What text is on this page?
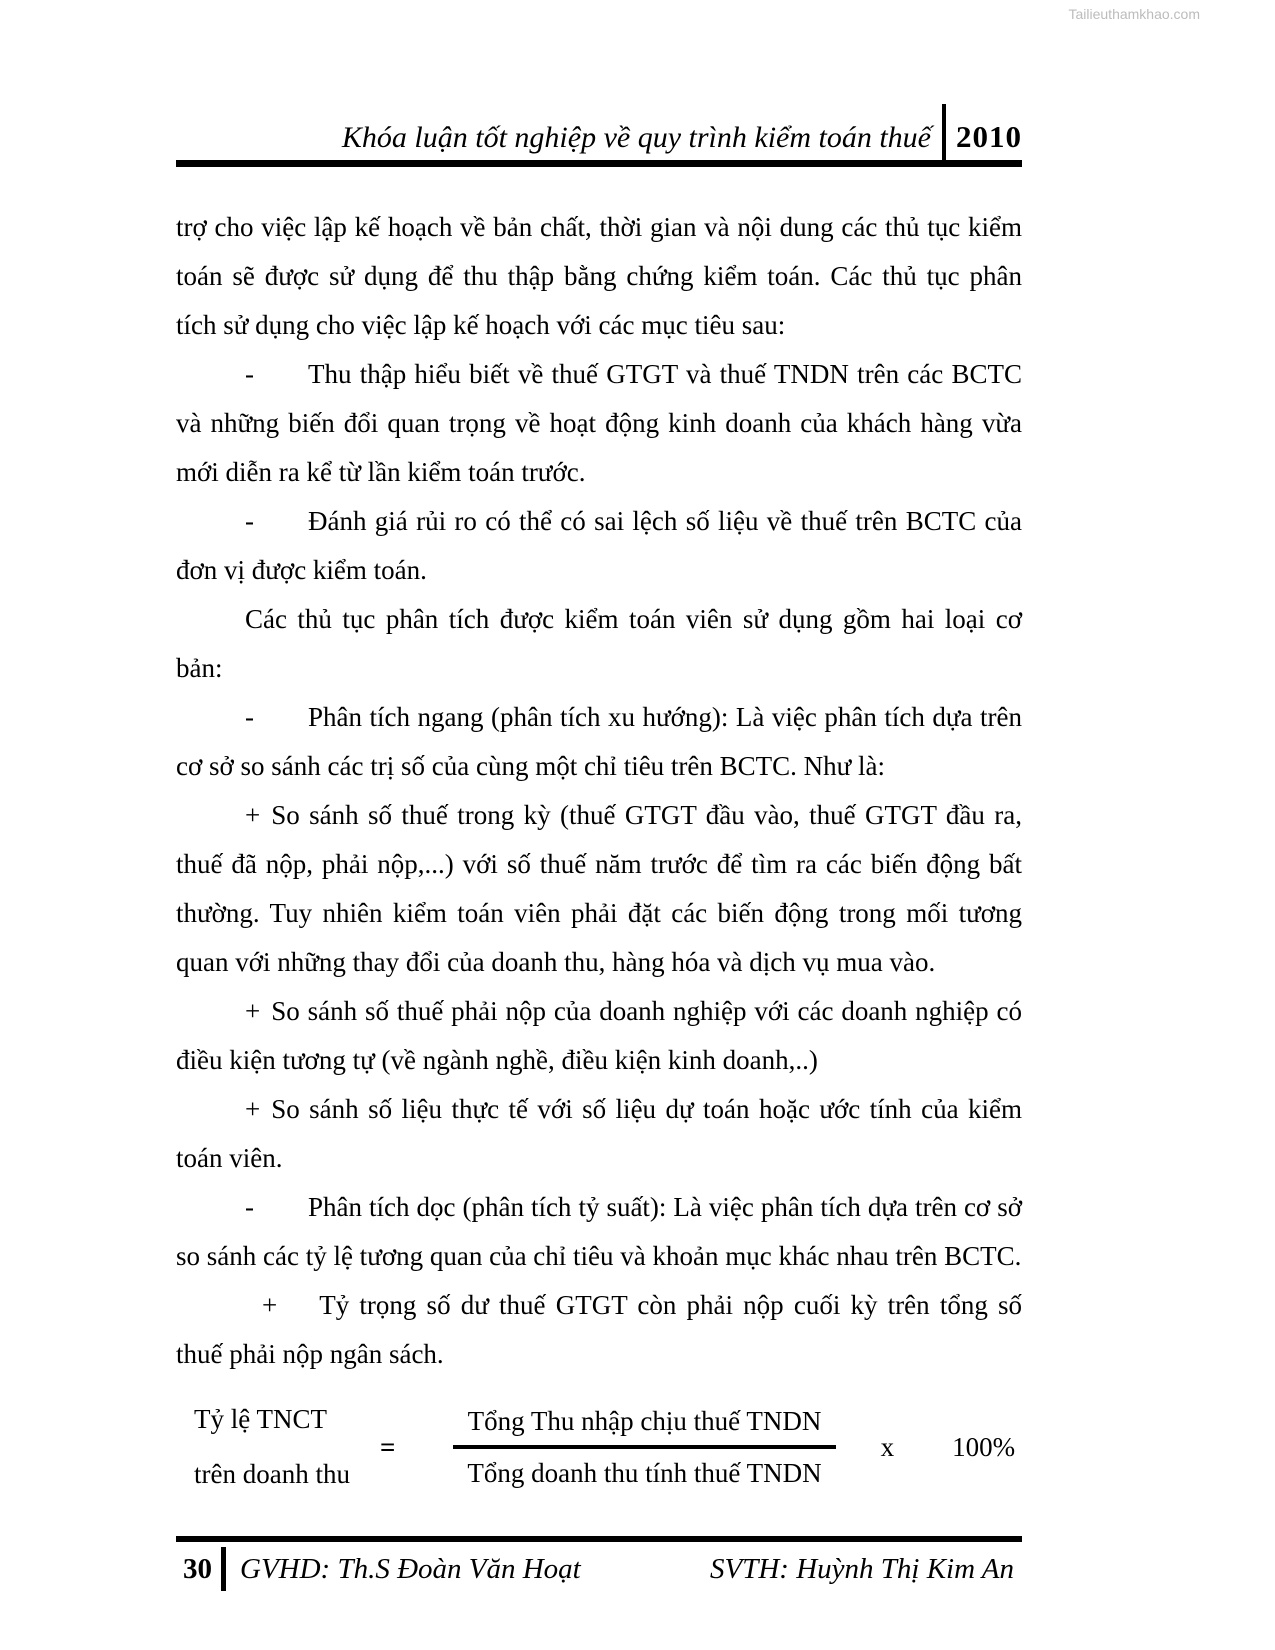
Tailieuthamkhao.com
Khóa luận tốt nghiệp về quy trình kiểm toán thuế 2010

trợ cho việc lập kế hoạch về bản chất, thời gian và nội dung các thủ tục kiểm toán sẽ được sử dụng để thu thập bằng chứng kiểm toán. Các thủ tục phân tích sử dụng cho việc lập kế hoạch với các mục tiêu sau:

- Thu thập hiểu biết về thuế GTGT và thuế TNDN trên các BCTC và những biến đổi quan trọng về hoạt động kinh doanh của khách hàng vừa mới diễn ra kể từ lần kiểm toán trước.

- Đánh giá rủi ro có thể có sai lệch số liệu về thuế trên BCTC của đơn vị được kiểm toán.

Các thủ tục phân tích được kiểm toán viên sử dụng gồm hai loại cơ bản:

- Phân tích ngang (phân tích xu hướng): Là việc phân tích dựa trên cơ sở so sánh các trị số của cùng một chỉ tiêu trên BCTC. Như là:

+ So sánh số thuế trong kỳ (thuế GTGT đầu vào, thuế GTGT đầu ra, thuế đã nộp, phải nộp,...) với số thuế năm trước để tìm ra các biến động bất thường. Tuy nhiên kiểm toán viên phải đặt các biến động trong mối tương quan với những thay đổi của doanh thu, hàng hóa và dịch vụ mua vào.

+ So sánh số thuế phải nộp của doanh nghiệp với các doanh nghiệp có điều kiện tương tự (về ngành nghề, điều kiện kinh doanh,..)

+ So sánh số liệu thực tế với số liệu dự toán hoặc ước tính của kiểm toán viên.

- Phân tích dọc (phân tích tỷ suất): Là việc phân tích dựa trên cơ sở so sánh các tỷ lệ tương quan của chỉ tiêu và khoản mục khác nhau trên BCTC.

+ Tỷ trọng số dư thuế GTGT còn phải nộp cuối kỳ trên tổng số thuế phải nộp ngân sách.

Tỷ lệ TNCT
trên doanh thu
= $\frac{\text{Tổng Thu nhập chịu thuế TNDN}}{\text{Tổng doanh thu tính thuế TNDN}}$ x 100%
30 GVHD: Th.S Đoàn Văn Hoạt	SVTH: Huỳnh Thị Kim An
